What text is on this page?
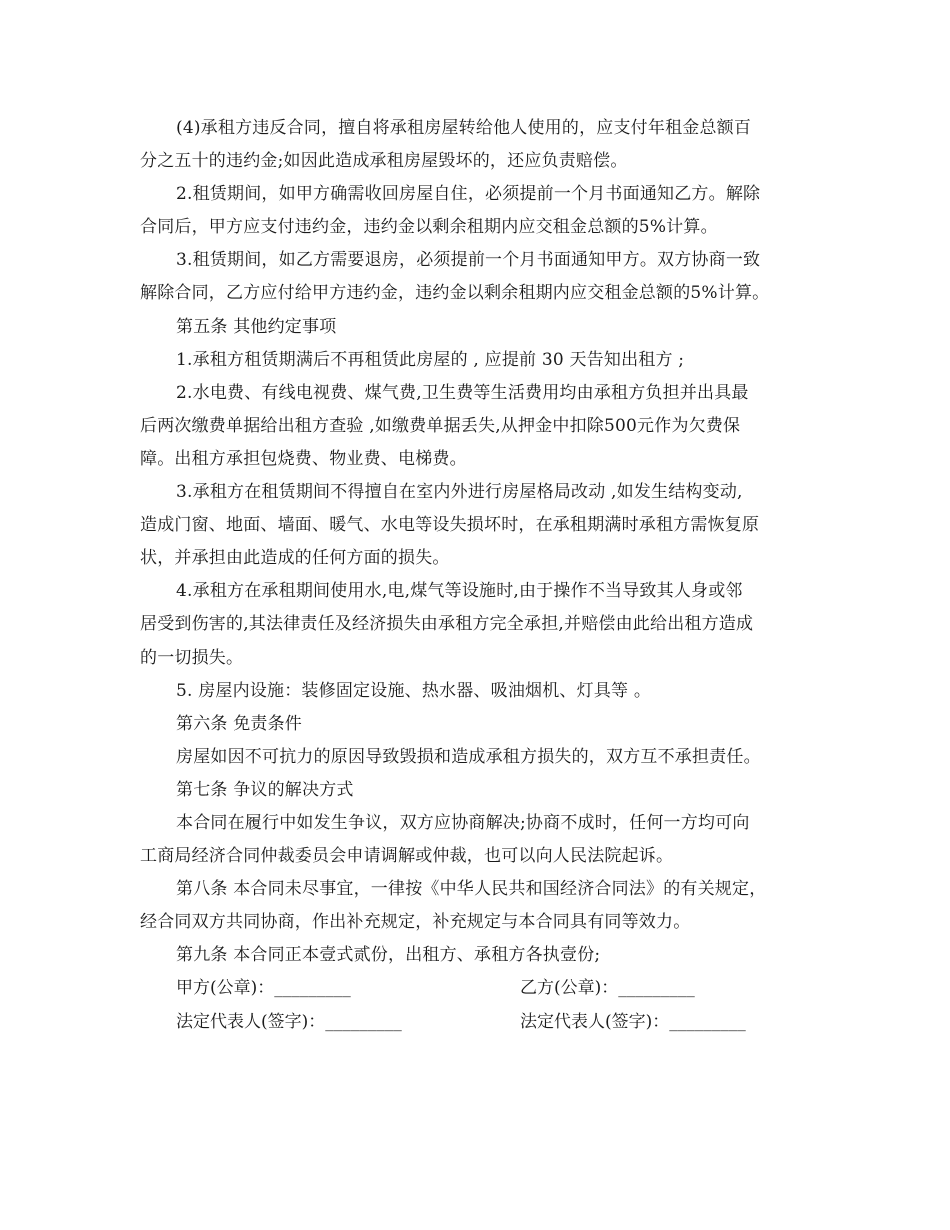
(4)承租方违反合同，擅自将承租房屋转给他人使用的，应支付年租金总额百
分之五十的违约金;如因此造成承租房屋毁坏的，还应负责赔偿。
2.租赁期间，如甲方确需收回房屋自住，必须提前一个月书面通知乙方。解除
合同后，甲方应支付违约金，违约金以剩余租期内应交租金总额的5%计算。
3.租赁期间，如乙方需要退房，必须提前一个月书面通知甲方。双方协商一致
解除合同，乙方应付给甲方违约金，违约金以剩余租期内应交租金总额的5%计算。
第五条 其他约定事项
1.承租方租赁期满后不再租赁此房屋的 , 应提前 30 天告知出租方 ;
2.水电费、有线电视费、煤气费,卫生费等生活费用均由承租方负担并出具最
后两次缴费单据给出租方查验 ,如缴费单据丢失,从押金中扣除500元作为欠费保
障。出租方承担包烧费、物业费、电梯费。
3.承租方在租赁期间不得擅自在室内外进行房屋格局改动 ,如发生结构变动,
造成门窗、地面、墙面、暖气、水电等设失损坏时，在承租期满时承租方需恢复原
状，并承担由此造成的任何方面的损失。
4.承租方在承租期间使用水,电,煤气等设施时,由于操作不当导致其人身或邻
居受到伤害的,其法律责任及经济损失由承租方完全承担,并赔偿由此给出租方造成
的一切损失。
5. 房屋内设施：装修固定设施、热水器、吸油烟机、灯具等 。
第六条 免责条件
房屋如因不可抗力的原因导致毁损和造成承租方损失的，双方互不承担责任。
第七条 争议的解决方式
本合同在履行中如发生争议，双方应协商解决;协商不成时，任何一方均可向
工商局经济合同仲裁委员会申请调解或仲裁，也可以向人民法院起诉。
第八条 本合同未尽事宜，一律按《中华人民共和国经济合同法》的有关规定，
经合同双方共同协商，作出补充规定，补充规定与本合同具有同等效力。
第九条 本合同正本壹式贰份，出租方、承租方各执壹份;
甲方(公章)：_________	乙方(公章)：_________
法定代表人(签字)：_________	法定代表人(签字)：_________
